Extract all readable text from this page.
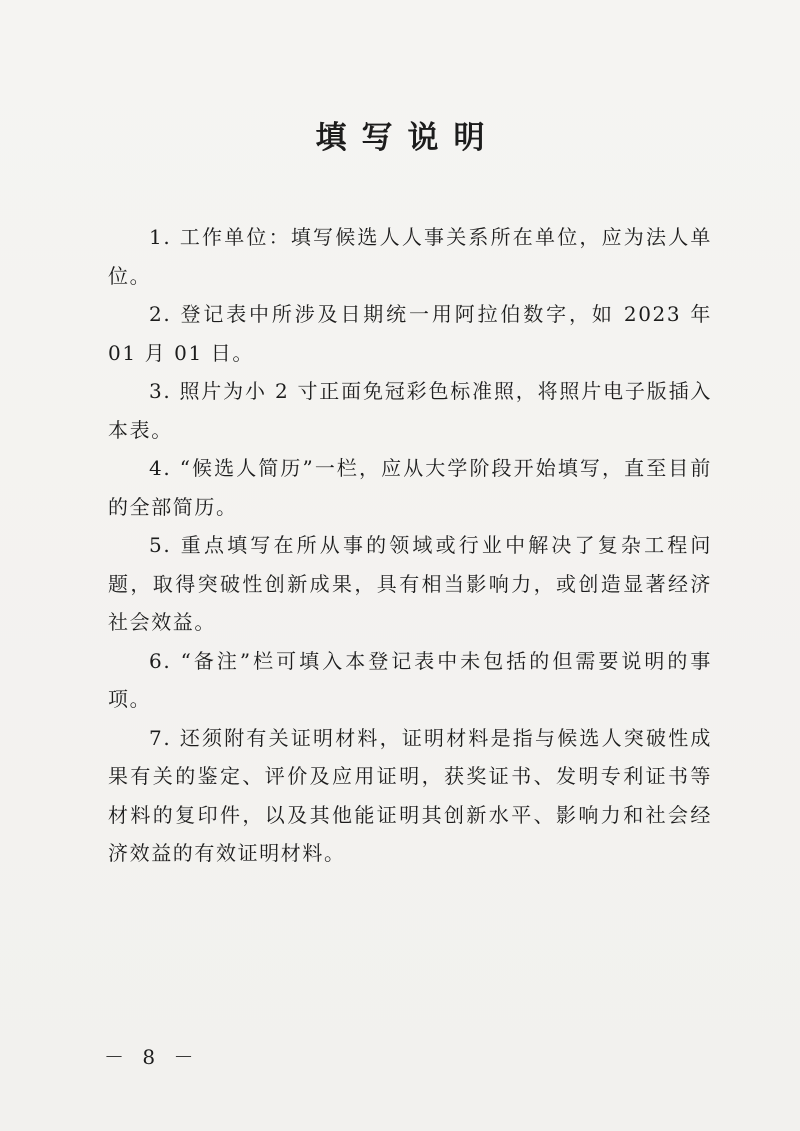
填写说明

1. 工作单位：填写候选人人事关系所在单位，应为法人单位。

2. 登记表中所涉及日期统一用阿拉伯数字，如 2023 年 01 月 01 日。

3. 照片为小 2 寸正面免冠彩色标准照，将照片电子版插入本表。

4. “候选人简历”一栏，应从大学阶段开始填写，直至目前的全部简历。

5. 重点填写在所从事的领域或行业中解决了复杂工程问题，取得突破性创新成果，具有相当影响力，或创造显著经济社会效益。

6. “备注”栏可填入本登记表中未包括的但需要说明的事项。

7. 还须附有关证明材料，证明材料是指与候选人突破性成果有关的鉴定、评价及应用证明，获奖证书、发明专利证书等材料的复印件，以及其他能证明其创新水平、影响力和社会经济效益的有效证明材料。

－ 8 －
